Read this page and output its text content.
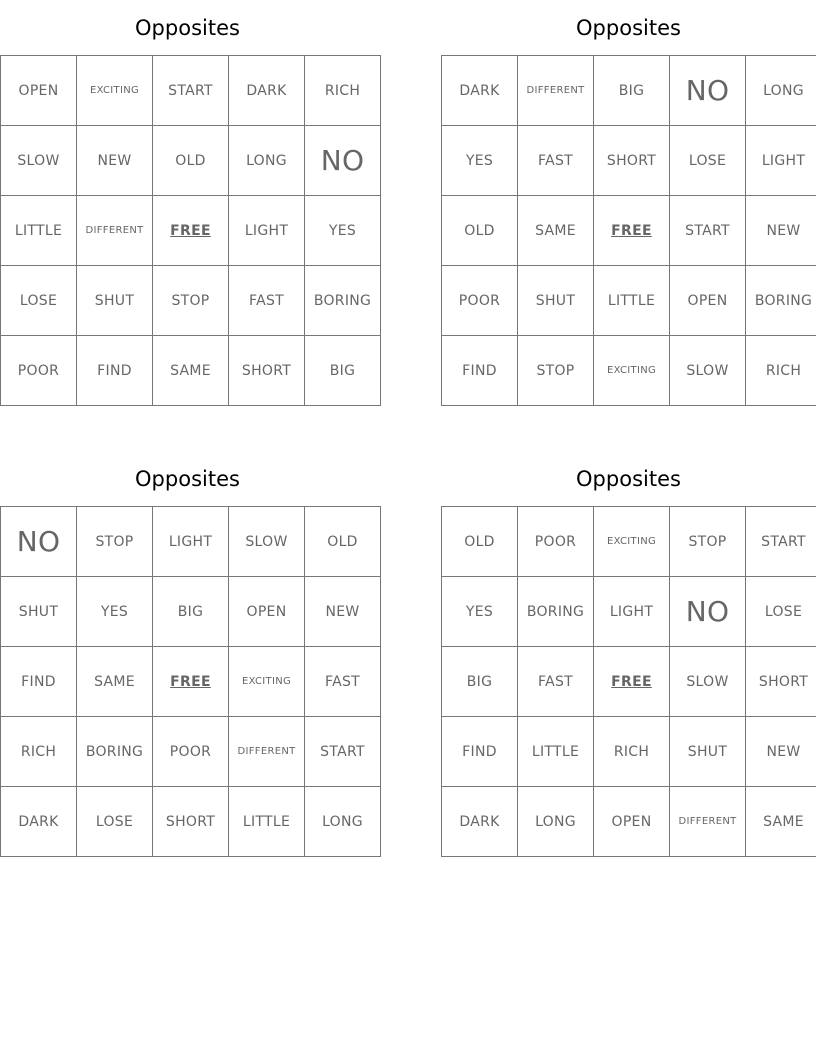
Opposites
OPEN	EXCITING	START	DARK	RICH
SLOW	NEW	OLD	LONG	NO
LITTLE	DIFFERENT	FREE	LIGHT	YES
LOSE	SHUT	STOP	FAST	BORING
POOR	FIND	SAME	SHORT	BIG
Opposites
DARK	DIFFERENT	BIG	NO	LONG
YES	FAST	SHORT	LOSE	LIGHT
OLD	SAME	FREE	START	NEW
POOR	SHUT	LITTLE	OPEN	BORING
FIND	STOP	EXCITING	SLOW	RICH
Opposites
NO	STOP	LIGHT	SLOW	OLD
SHUT	YES	BIG	OPEN	NEW
FIND	SAME	FREE	EXCITING	FAST
RICH	BORING	POOR	DIFFERENT	START
DARK	LOSE	SHORT	LITTLE	LONG
Opposites
OLD	POOR	EXCITING	STOP	START
YES	BORING	LIGHT	NO	LOSE
BIG	FAST	FREE	SLOW	SHORT
FIND	LITTLE	RICH	SHUT	NEW
DARK	LONG	OPEN	DIFFERENT	SAME
